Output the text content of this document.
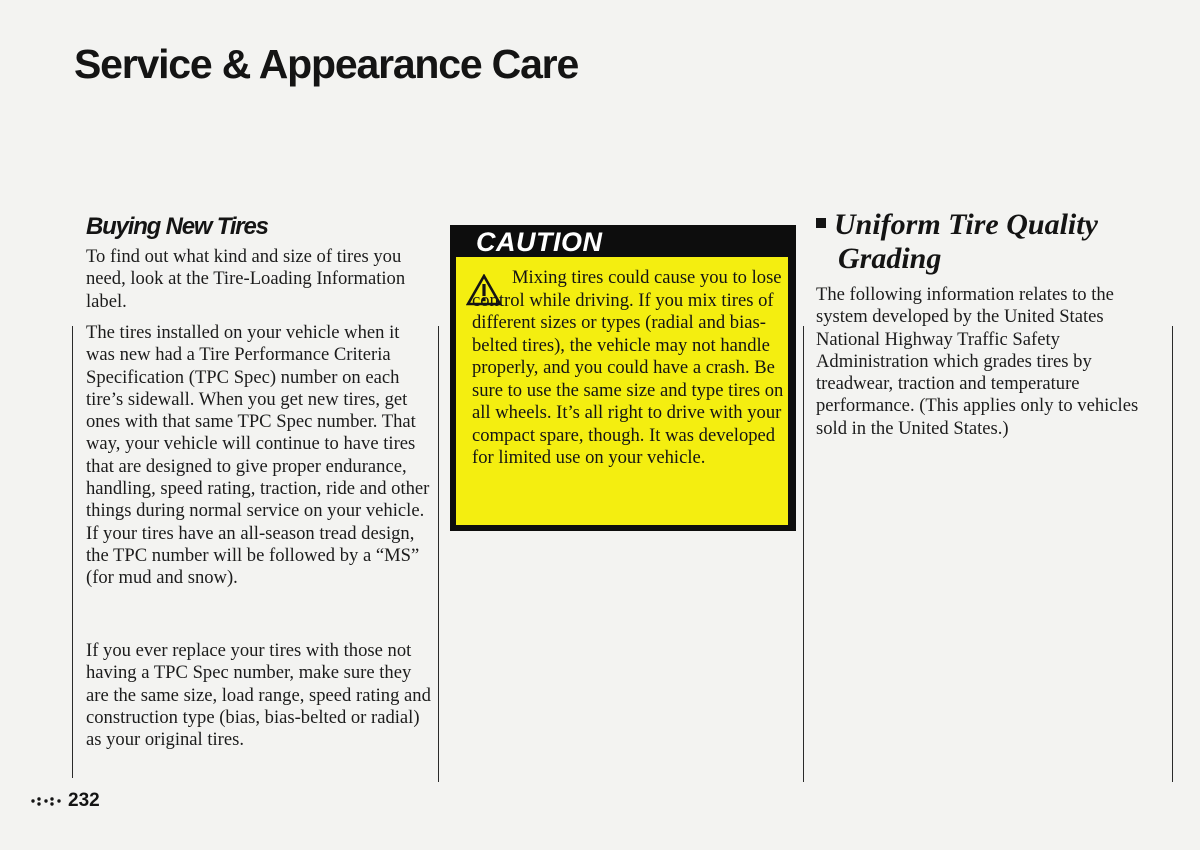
Service & Appearance Care
Buying New Tires

To find out what kind and size of tires you need, look at the Tire-Loading Information label.

The tires installed on your vehicle when it was new had a Tire Performance Criteria Specification (TPC Spec) number on each tire’s sidewall. When you get new tires, get ones with that same TPC Spec number. That way, your vehicle will continue to have tires that are designed to give proper endurance, handling, speed rating, traction, ride and other things during normal service on your vehicle. If your tires have an all-season tread design, the TPC number will be followed by a “MS” (for mud and snow).

If you ever replace your tires with those not having a TPC Spec number, make sure they are the same size, load range, speed rating and construction type (bias, bias-belted or radial) as your original tires.

CAUTION

Mixing tires could cause you to lose control while driving. If you mix tires of different sizes or types (radial and bias-belted tires), the vehicle may not handle properly, and you could have a crash. Be sure to use the same size and type tires on all wheels. It’s all right to drive with your compact spare, though. It was developed for limited use on your vehicle.

Uniform Tire Quality
Grading

The following information relates to the system developed by the United States National Highway Traffic Safety Administration which grades tires by treadwear, traction and temperature performance. (This applies only to vehicles sold in the United States.)

232
